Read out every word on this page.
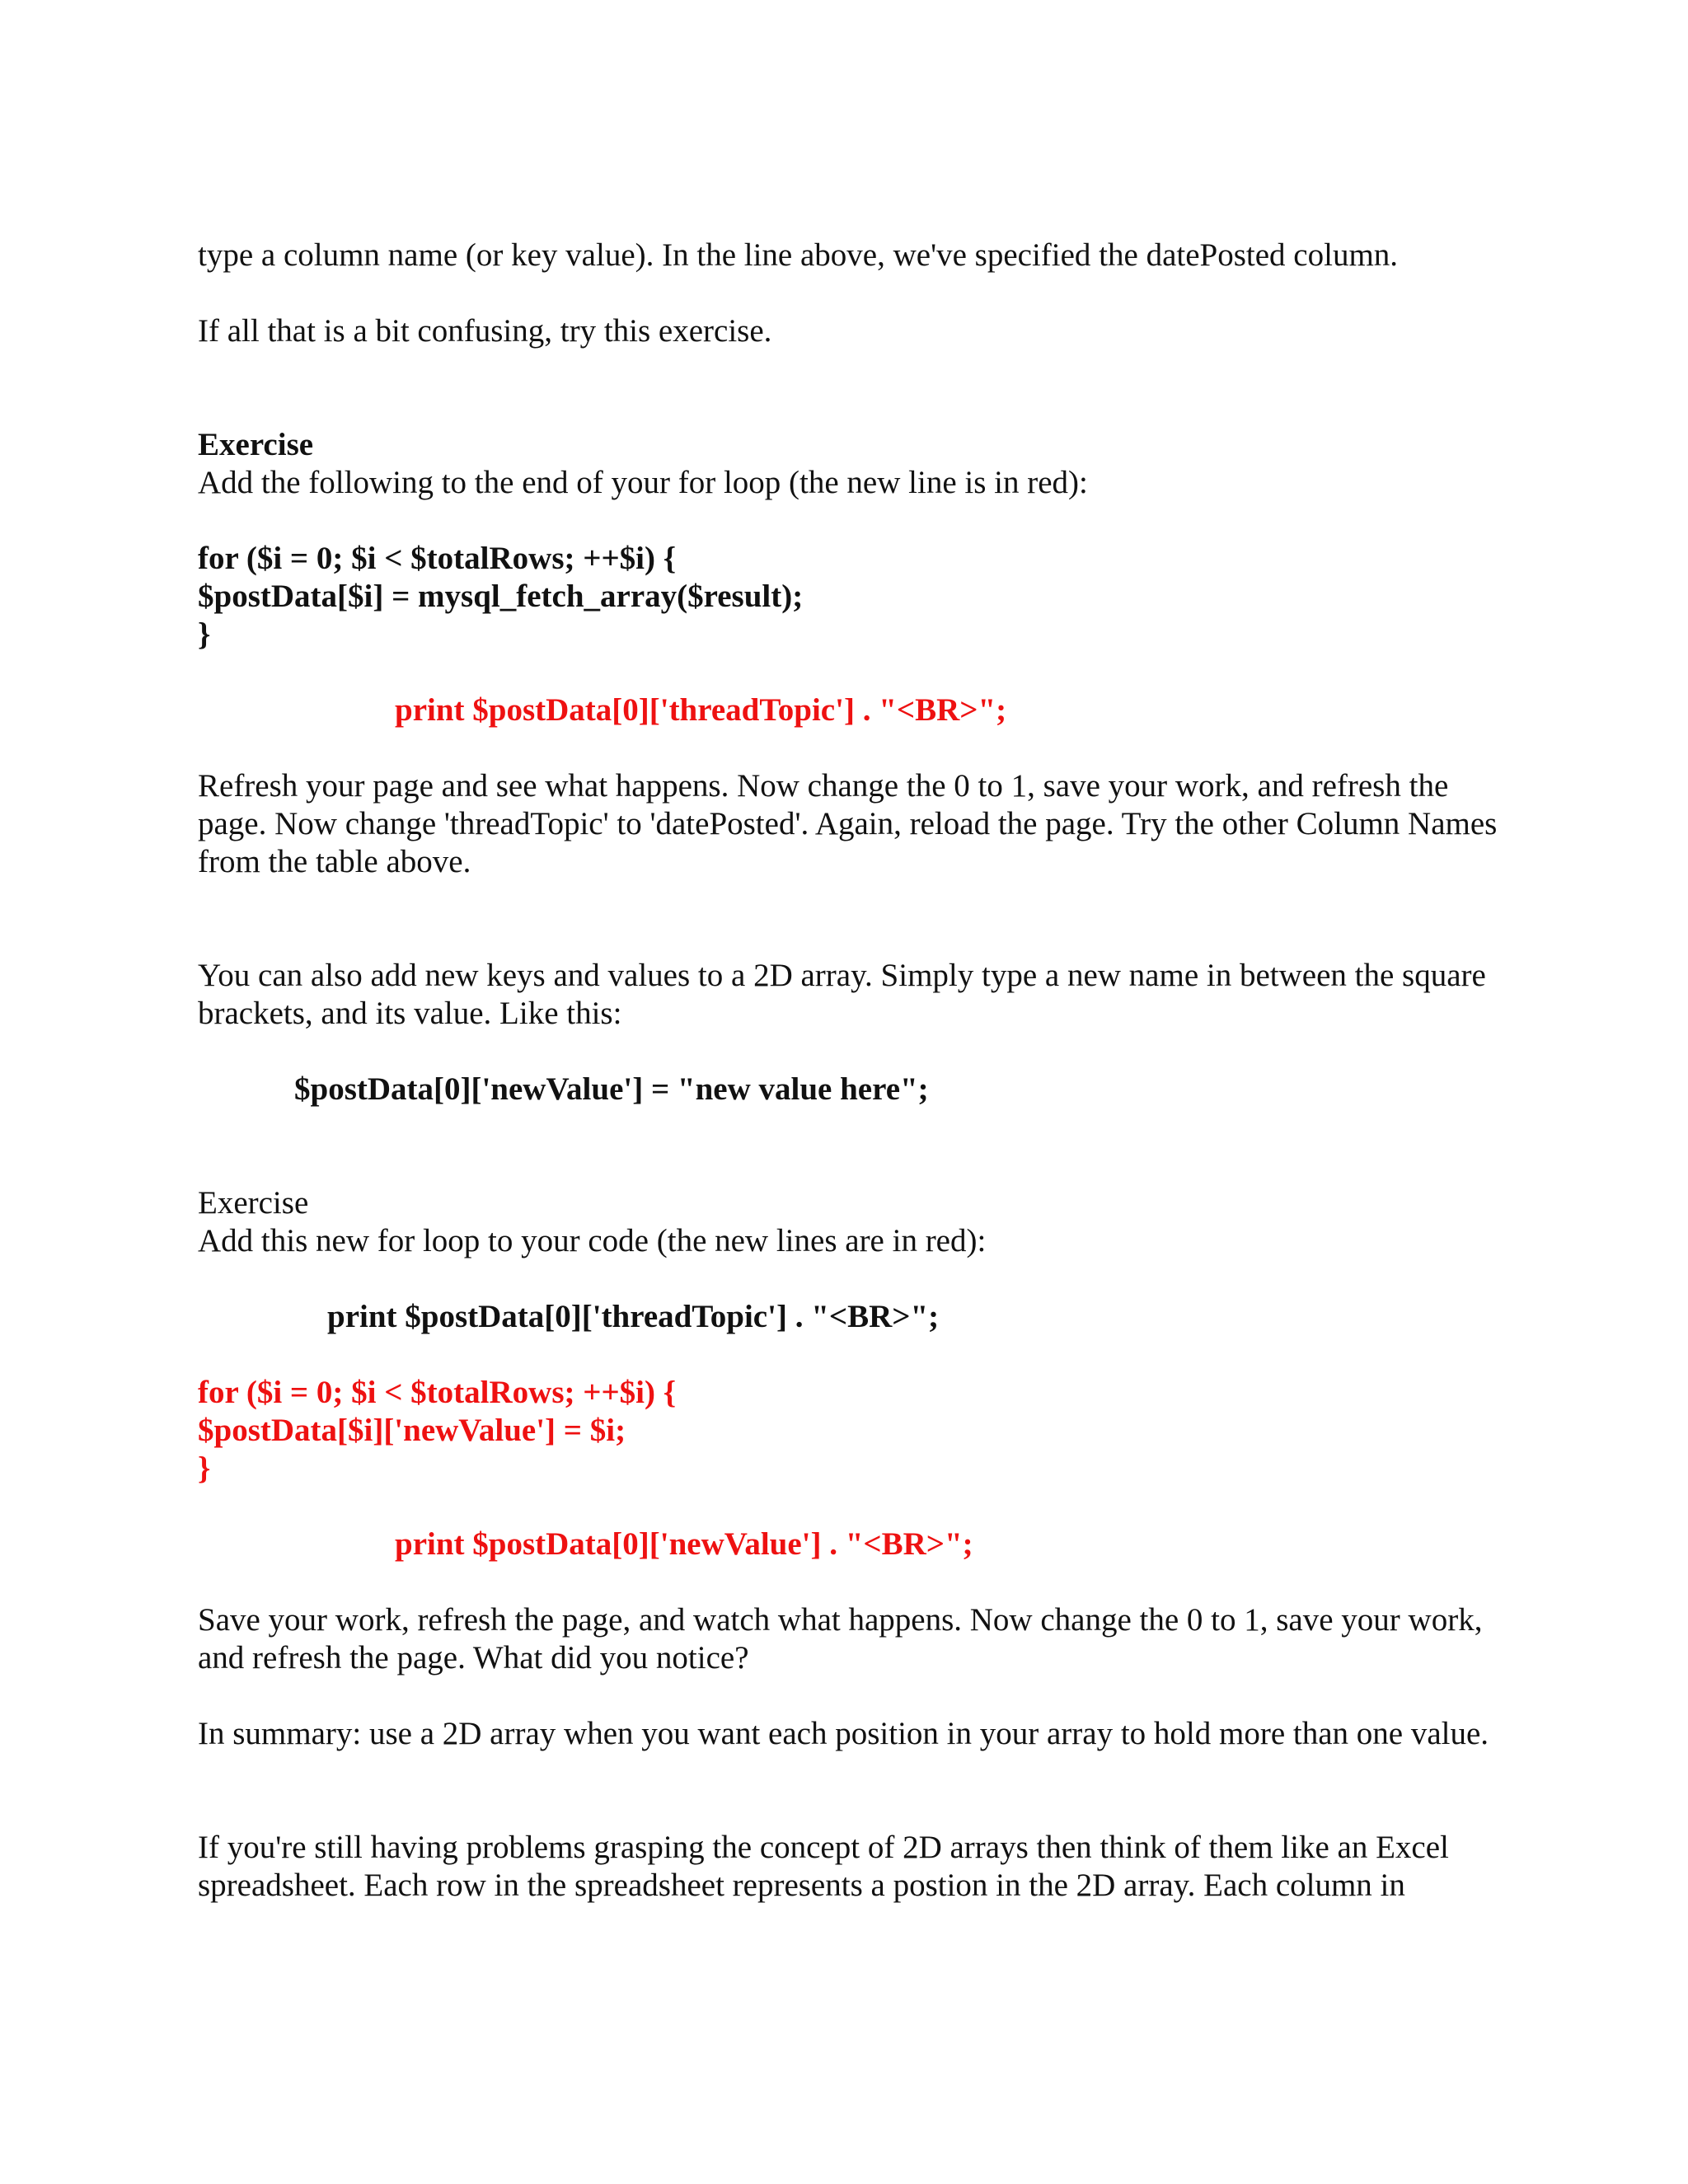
type a column name (or key value). In the line above, we've specified the datePosted column.
If all that is a bit confusing, try this exercise.
Exercise
Add the following to the end of your for loop (the new line is in red):
for ($i = 0; $i < $totalRows; ++$i) {
$postData[$i] = mysql_fetch_array($result);
}
print $postData[0]['threadTopic'] . "<BR>";
Refresh your page and see what happens. Now change the 0 to 1, save your work, and refresh the page. Now change 'threadTopic' to 'datePosted'. Again, reload the page. Try the other Column Names from the table above.
You can also add new keys and values to a 2D array. Simply type a new name in between the square brackets, and its value. Like this:
$postData[0]['newValue'] = "new value here";
Exercise
Add this new for loop to your code (the new lines are in red):
print $postData[0]['threadTopic'] . "<BR>";
for ($i = 0; $i < $totalRows; ++$i) {
$postData[$i]['newValue'] = $i;
}
print $postData[0]['newValue'] . "<BR>";
Save your work, refresh the page, and watch what happens. Now change the 0 to 1, save your work, and refresh the page. What did you notice?
In summary: use a 2D array when you want each position in your array to hold more than one value.
If you're still having problems grasping the concept of 2D arrays then think of them like an Excel spreadsheet. Each row in the spreadsheet represents a postion in the 2D array. Each column in
